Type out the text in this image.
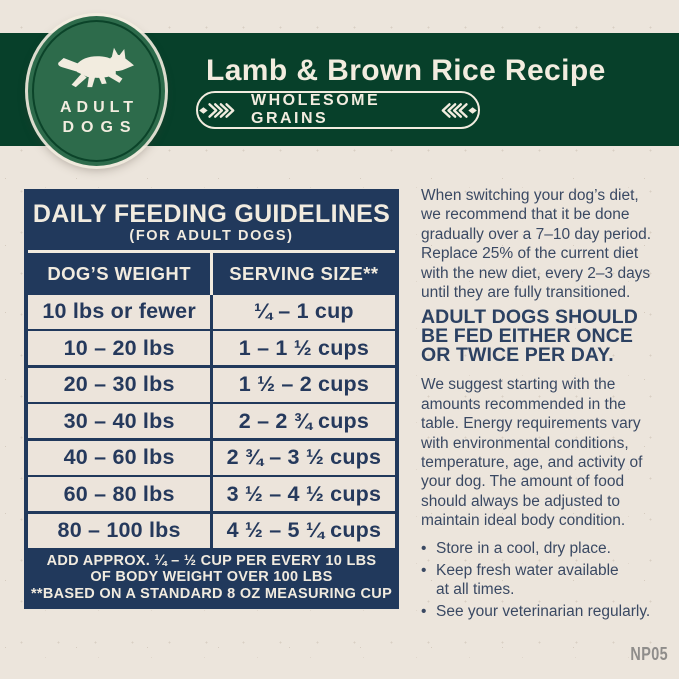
ADULT
DOGS
Lamb & Brown Rice Recipe
WHOLESOME GRAINS
DAILY FEEDING GUIDELINES
(FOR ADULT DOGS)
DOG’S WEIGHT	SERVING SIZE**
10 lbs or fewer	¼ – 1 cup
10 – 20 lbs	1 – 1 ½ cups
20 – 30 lbs	1 ½ – 2 cups
30 – 40 lbs	2 – 2 ¾ cups
40 – 60 lbs	2 ¾ – 3 ½ cups
60 – 80 lbs	3 ½ – 4 ½ cups
80 – 100 lbs	4 ½ – 5 ¼ cups
ADD APPROX. ¼ – ½ CUP PER EVERY 10 LBS
OF BODY WEIGHT OVER 100 LBS
**BASED ON A STANDARD 8 OZ MEASURING CUP
When switching your dog’s diet,
we recommend that it be done
gradually over a 7–10 day period.
Replace 25% of the current diet
with the new diet, every 2–3 days
until they are fully transitioned.
ADULT DOGS SHOULD
BE FED EITHER ONCE
OR TWICE PER DAY.
We suggest starting with the
amounts recommended in the
table. Energy requirements vary
with environmental conditions,
temperature, age, and activity of
your dog. The amount of food
should always be adjusted to
maintain ideal body condition.
• Store in a cool, dry place.
• Keep fresh water available
at all times.
• See your veterinarian regularly.
NP05
